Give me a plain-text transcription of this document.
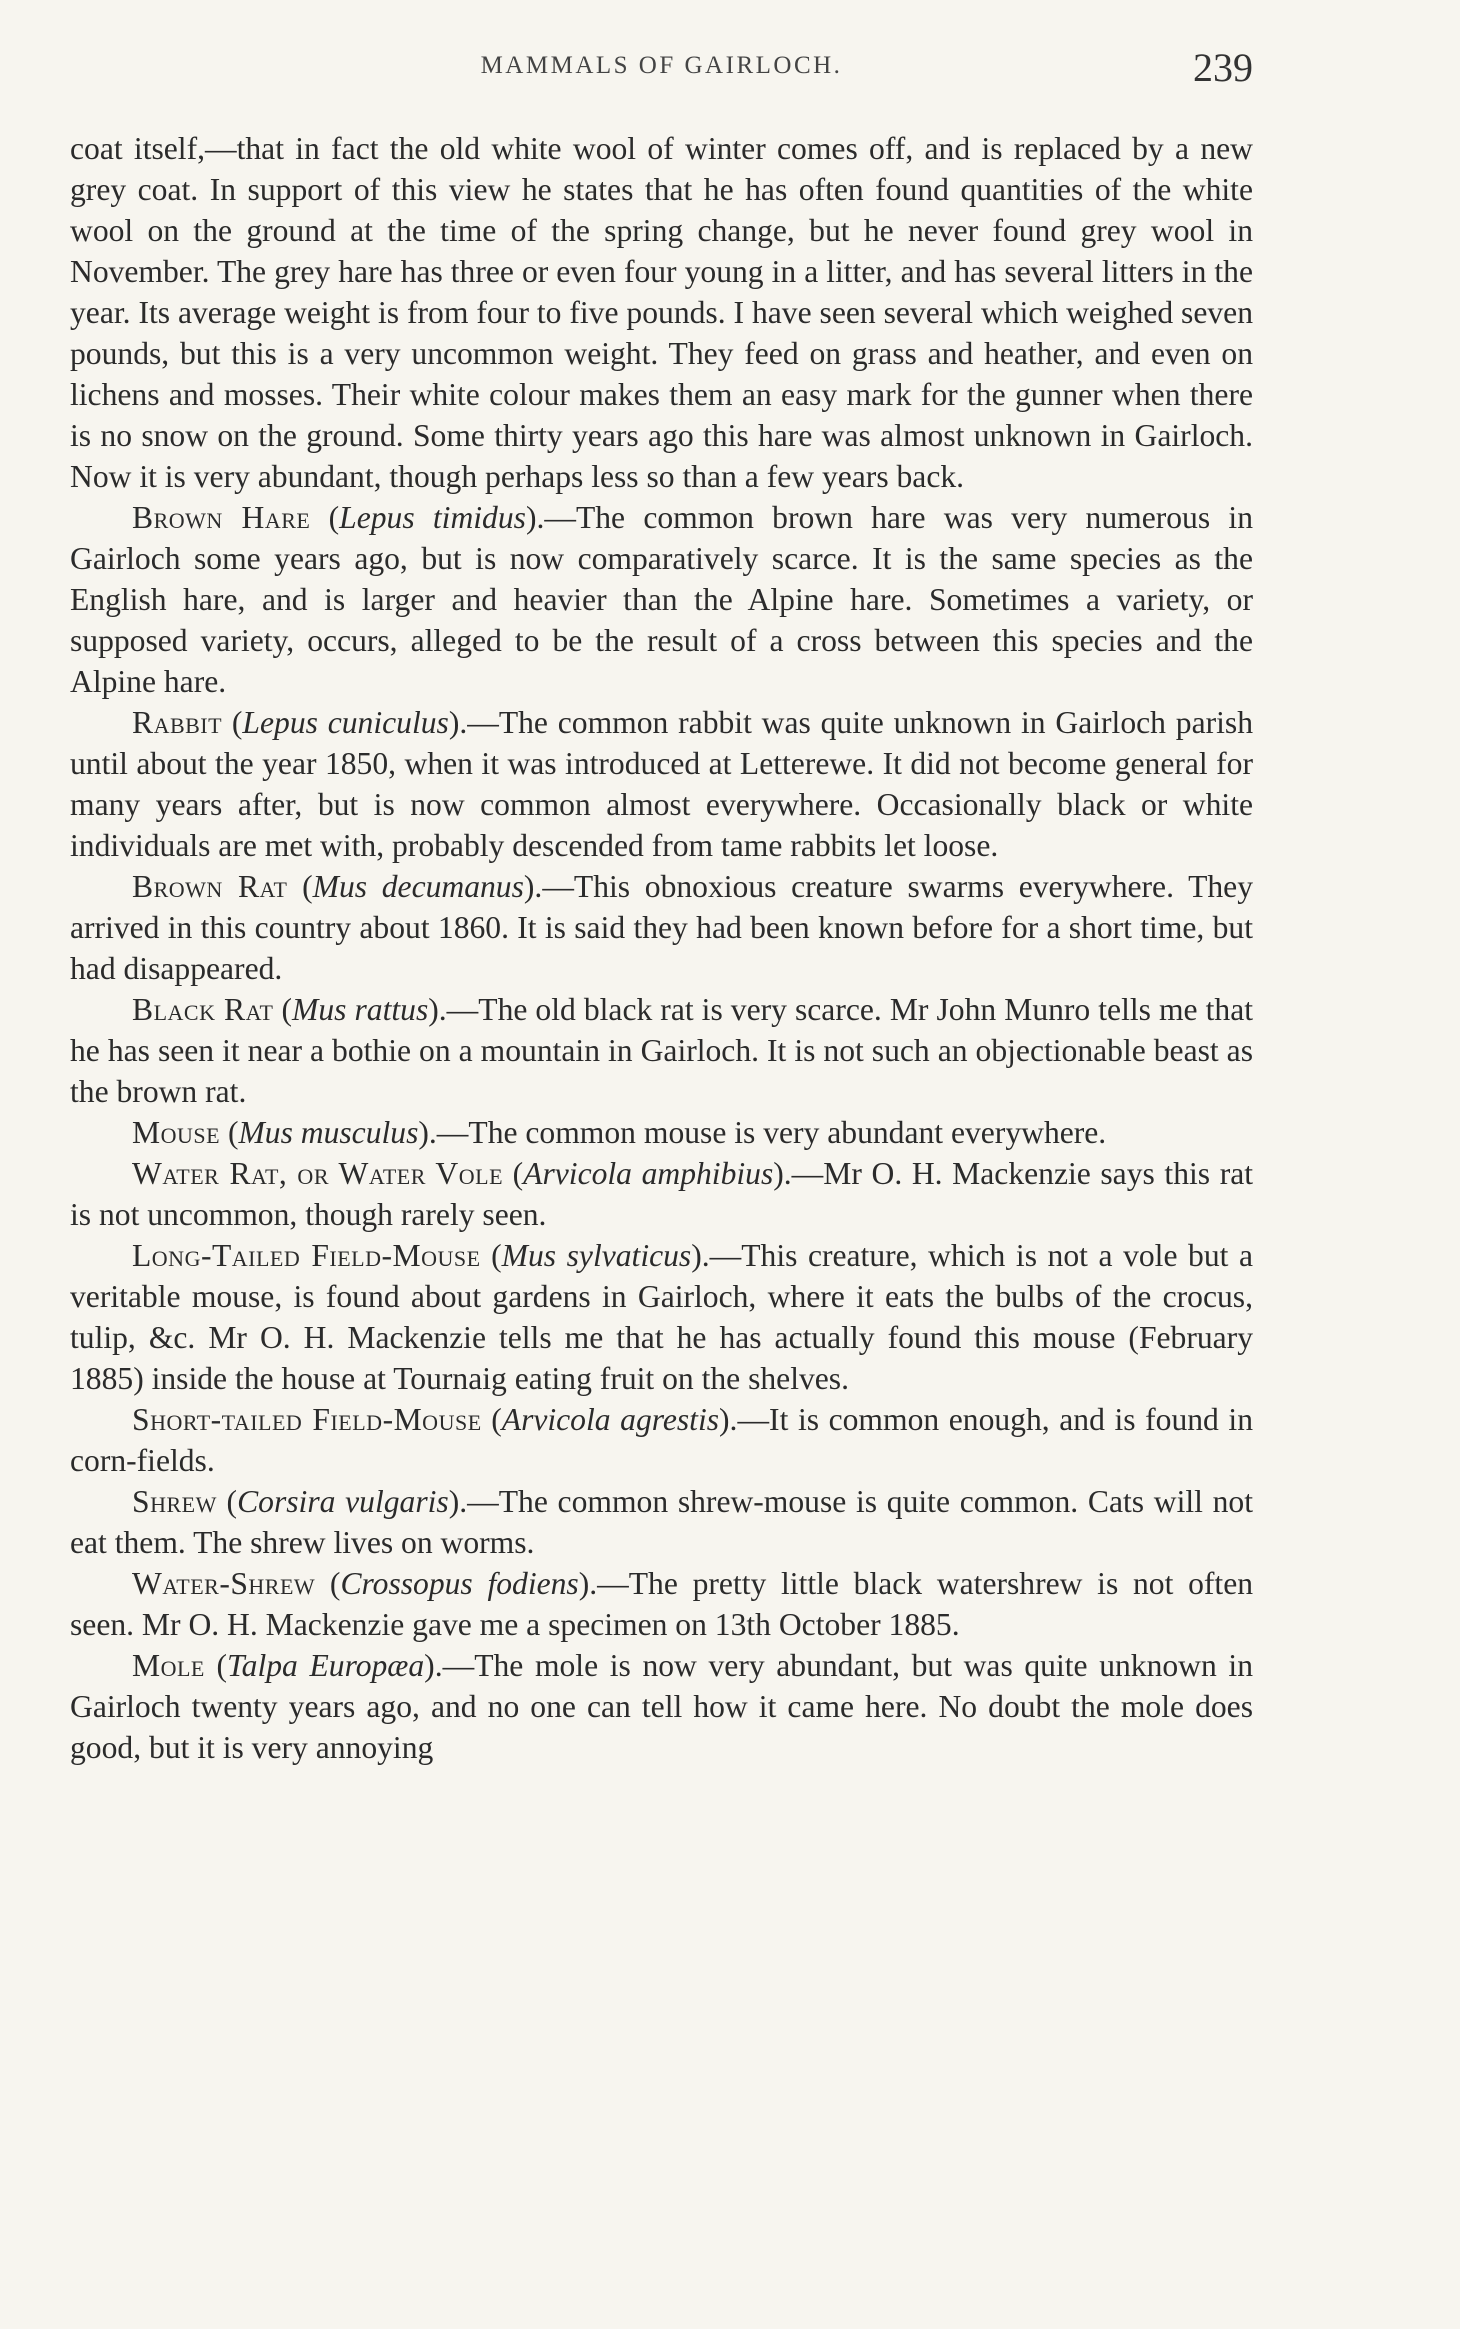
MAMMALS OF GAIRLOCH.	239

coat itself,—that in fact the old white wool of winter comes off, and is replaced by a new grey coat. In support of this view he states that he has often found quantities of the white wool on the ground at the time of the spring change, but he never found grey wool in November. The grey hare has three or even four young in a litter, and has several litters in the year. Its average weight is from four to five pounds. I have seen several which weighed seven pounds, but this is a very uncommon weight. They feed on grass and heather, and even on lichens and mosses. Their white colour makes them an easy mark for the gunner when there is no snow on the ground. Some thirty years ago this hare was almost unknown in Gairloch. Now it is very abundant, though perhaps less so than a few years back.

Brown Hare (Lepus timidus).—The common brown hare was very numerous in Gairloch some years ago, but is now comparatively scarce. It is the same species as the English hare, and is larger and heavier than the Alpine hare. Sometimes a variety, or supposed variety, occurs, alleged to be the result of a cross between this species and the Alpine hare.

Rabbit (Lepus cuniculus).—The common rabbit was quite unknown in Gairloch parish until about the year 1850, when it was introduced at Letterewe. It did not become general for many years after, but is now common almost everywhere. Occasionally black or white individuals are met with, probably descended from tame rabbits let loose.

Brown Rat (Mus decumanus).—This obnoxious creature swarms everywhere. They arrived in this country about 1860. It is said they had been known before for a short time, but had disappeared.

Black Rat (Mus rattus).—The old black rat is very scarce. Mr John Munro tells me that he has seen it near a bothie on a mountain in Gairloch. It is not such an objectionable beast as the brown rat.

Mouse (Mus musculus).—The common mouse is very abundant everywhere.

Water Rat, or Water Vole (Arvicola amphibius).—Mr O. H. Mackenzie says this rat is not uncommon, though rarely seen.

Long-Tailed Field-Mouse (Mus sylvaticus).—This creature, which is not a vole but a veritable mouse, is found about gardens in Gairloch, where it eats the bulbs of the crocus, tulip, &c. Mr O. H. Mackenzie tells me that he has actually found this mouse (February 1885) inside the house at Tournaig eating fruit on the shelves.

Short-tailed Field-Mouse (Arvicola agrestis).—It is common enough, and is found in corn-fields.

Shrew (Corsira vulgaris).—The common shrew-mouse is quite common. Cats will not eat them. The shrew lives on worms.

Water-Shrew (Crossopus fodiens).—The pretty little black watershrew is not often seen. Mr O. H. Mackenzie gave me a specimen on 13th October 1885.

Mole (Talpa Europæa).—The mole is now very abundant, but was quite unknown in Gairloch twenty years ago, and no one can tell how it came here. No doubt the mole does good, but it is very annoying
